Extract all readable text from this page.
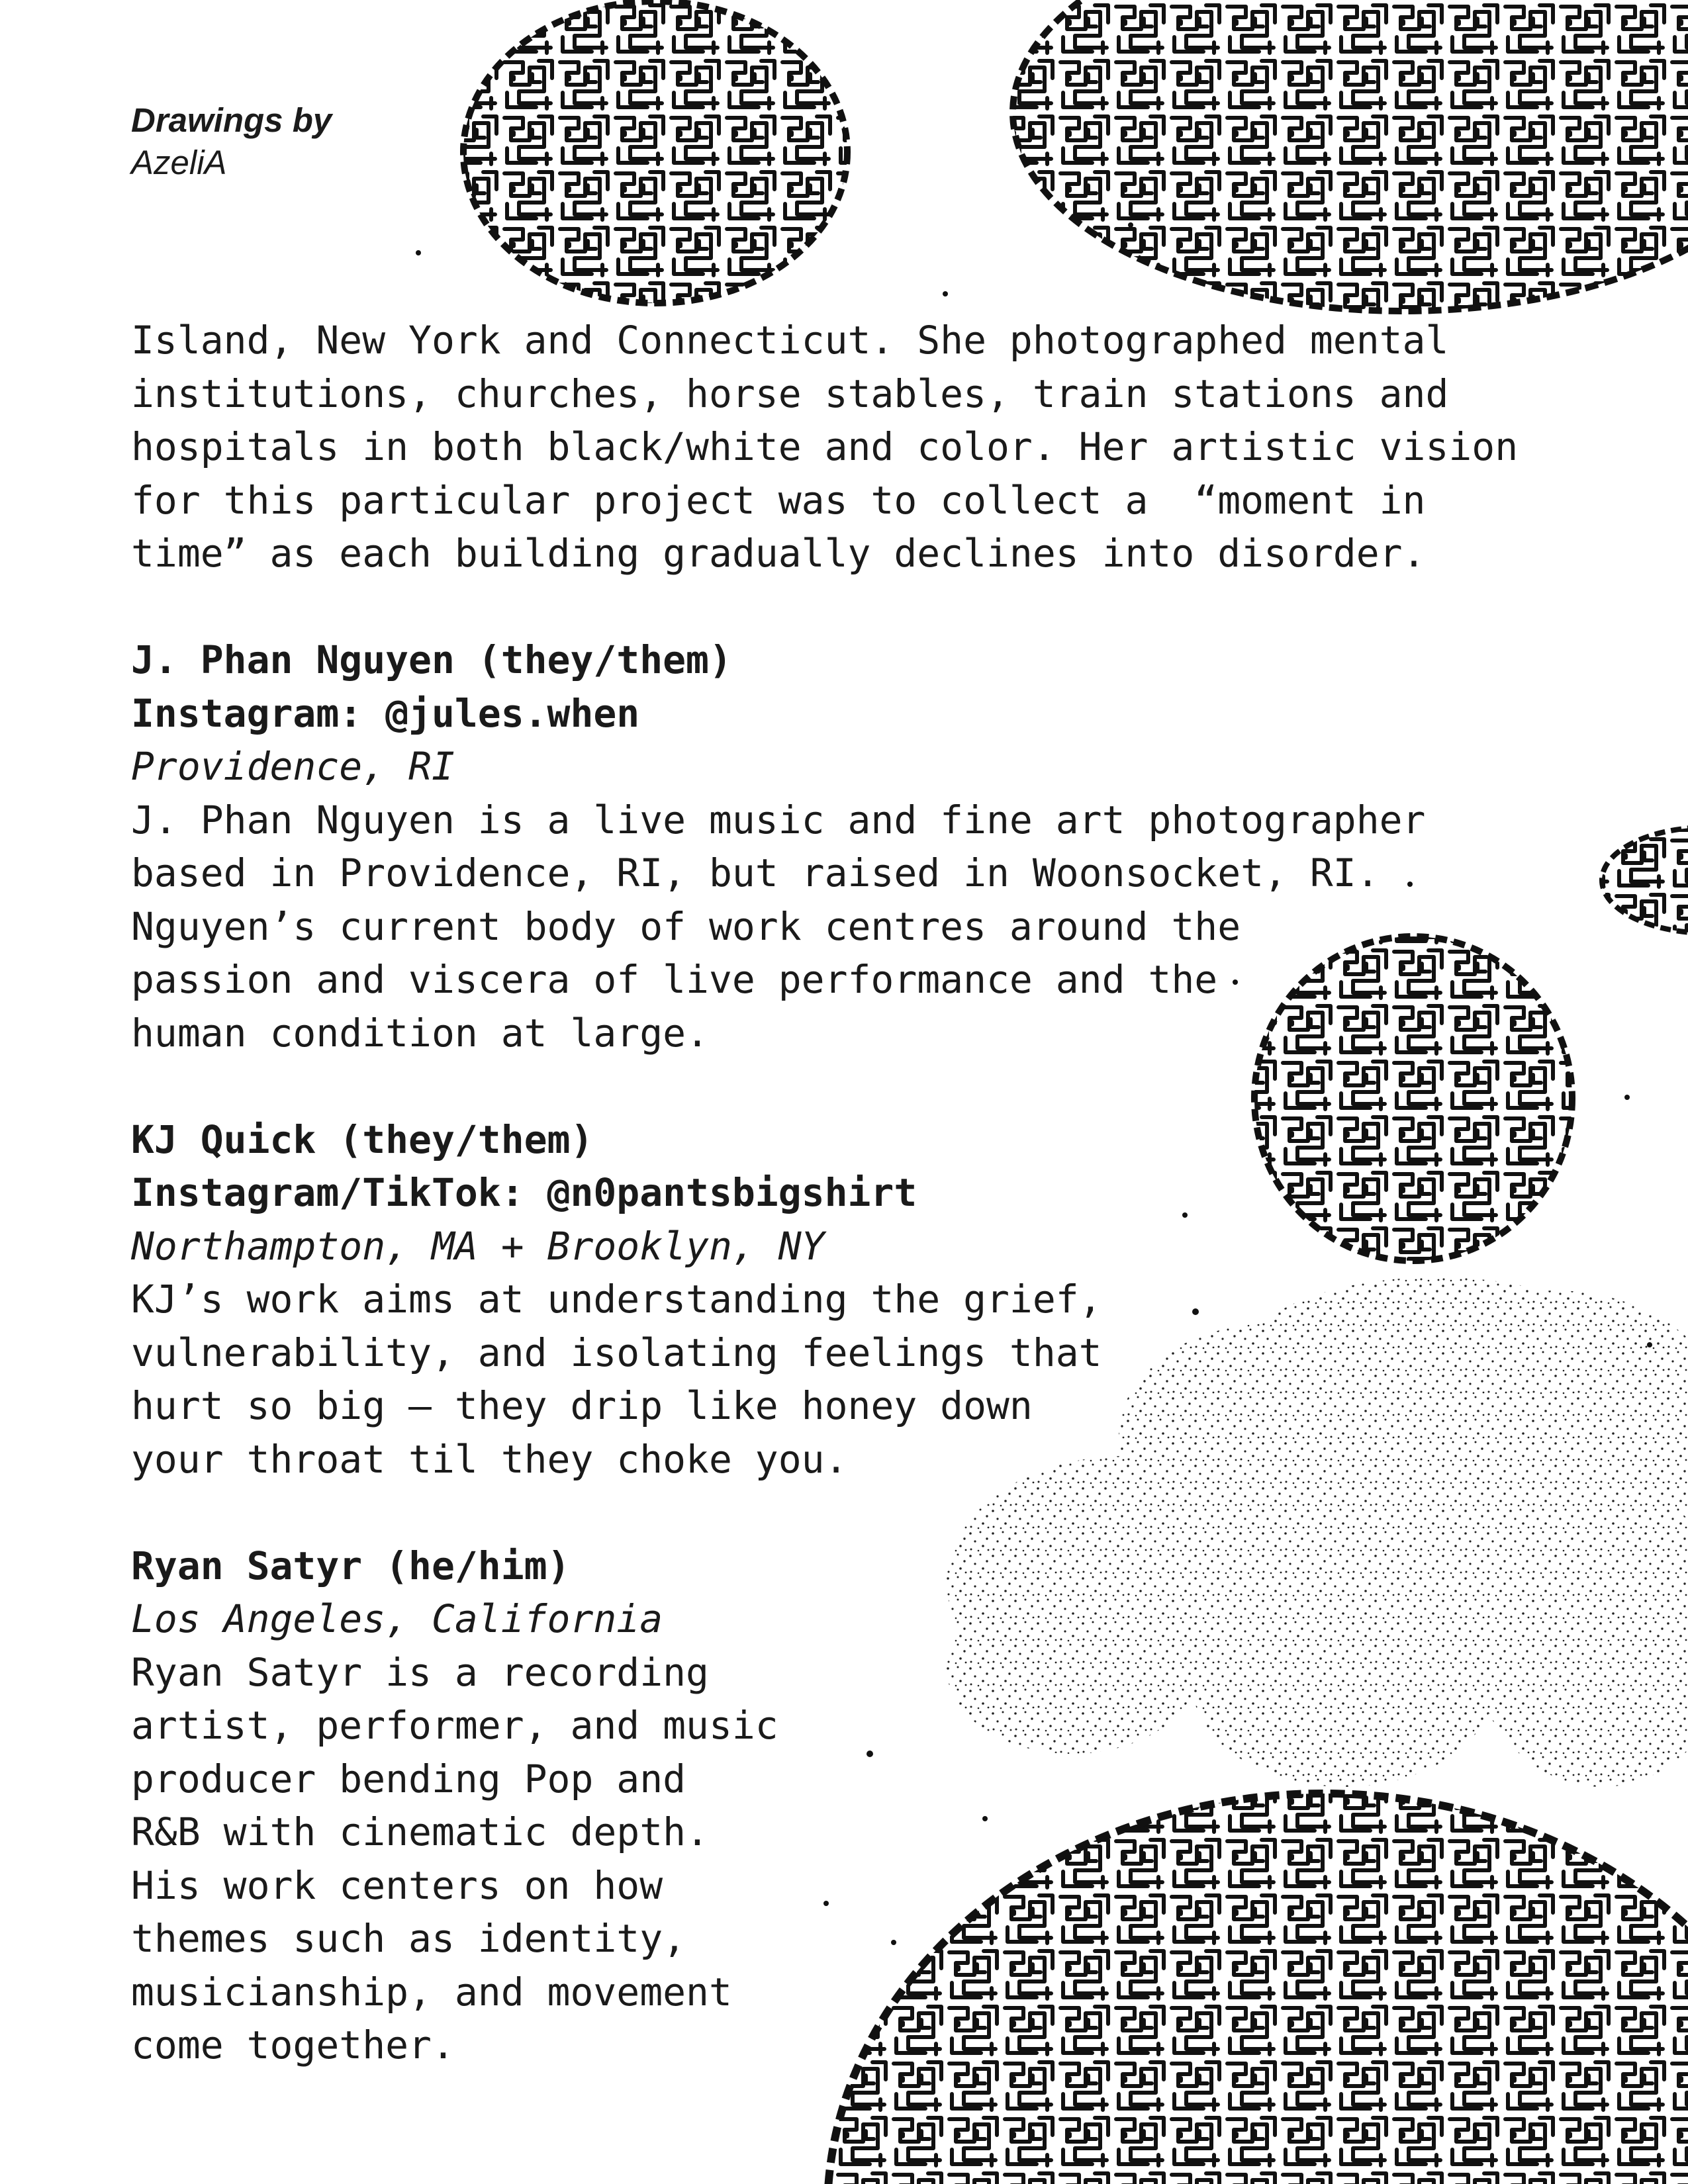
Drawings by
AzeliA

Island, New York and Connecticut. She photographed mental
institutions, churches, horse stables, train stations and
hospitals in both black/white and color. Her artistic vision
for this particular project was to collect a  “moment in
time” as each building gradually declines into disorder.

J. Phan Nguyen (they/them)
Instagram: @jules.when
Providence, RI
J. Phan Nguyen is a live music and fine art photographer
based in Providence, RI, but raised in Woonsocket, RI.
Nguyen’s current body of work centres around the
passion and viscera of live performance and the
human condition at large.
KJ Quick (they/them)
Instagram/TikTok: @n0pantsbigshirt
Northampton, MA + Brooklyn, NY
KJ’s work aims at understanding the grief,
vulnerability, and isolating feelings that
hurt so big — they drip like honey down
your throat til they choke you.
Ryan Satyr (he/him)
Los Angeles, California
Ryan Satyr is a recording
artist, performer, and music
producer bending Pop and
R&B with cinematic depth.
His work centers on how
themes such as identity,
musicianship, and movement
come together.
